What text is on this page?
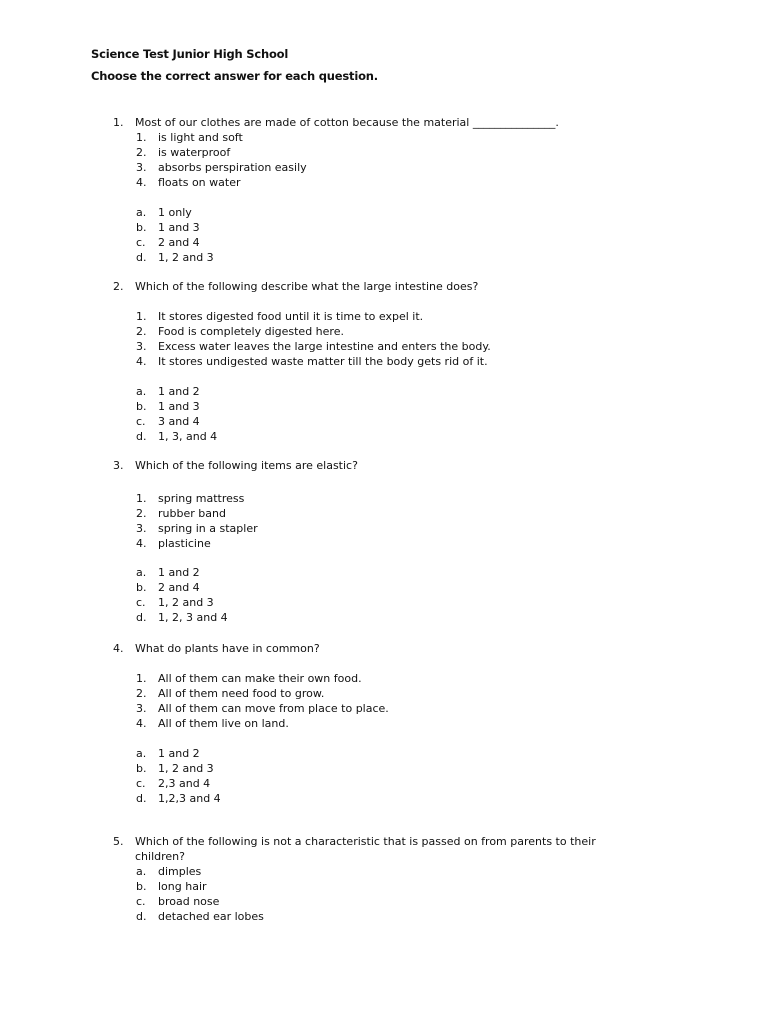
Science Test Junior High School
Choose the correct answer for each question.
1.	Most of our clothes are made of cotton because the material _______________.
1. is light and soft
2. is waterproof
3. absorbs perspiration easily
4. floats on water
a. 1 only
b. 1 and 3
c. 2 and 4
d. 1, 2 and 3
2.	Which of the following describe what the large intestine does?
1. It stores digested food until it is time to expel it.
2. Food is completely digested here.
3. Excess water leaves the large intestine and enters the body.
4. It stores undigested waste matter till the body gets rid of it.
a. 1 and 2
b. 1 and 3
c. 3 and 4
d. 1, 3, and 4
3.	Which of the following items are elastic?
1. spring mattress
2. rubber band
3. spring in a stapler
4. plasticine
a. 1 and 2
b. 2 and 4
c. 1, 2 and 3
d. 1, 2, 3 and 4
4.	What do plants have in common?
1. All of them can make their own food.
2. All of them need food to grow.
3. All of them can move from place to place.
4. All of them live on land.
a. 1 and 2
b. 1, 2 and 3
c. 2,3 and 4
d. 1,2,3 and 4
5.	Which of the following is not a characteristic that is passed on from parents to their
children?
a. dimples
b. long hair
c. broad nose
d. detached ear lobes
